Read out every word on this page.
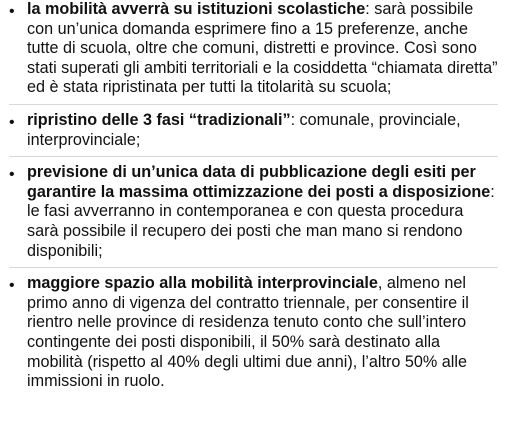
• la mobilità avverrà su istituzioni scolastiche: sarà possibile con un’unica domanda esprimere fino a 15 preferenze, anche tutte di scuola, oltre che comuni, distretti e province. Così sono stati superati gli ambiti territoriali e la cosiddetta “chiamata diretta” ed è stata ripristinata per tutti la titolarità su scuola;
• ripristino delle 3 fasi “tradizionali”: comunale, provinciale, interprovinciale;
• previsione di un’unica data di pubblicazione degli esiti per garantire la massima ottimizzazione dei posti a disposizione: le fasi avverranno in contemporanea e con questa procedura sarà possibile il recupero dei posti che man mano si rendono disponibili;
• maggiore spazio alla mobilità interprovinciale, almeno nel primo anno di vigenza del contratto triennale, per consentire il rientro nelle province di residenza tenuto conto che sull’intero contingente dei posti disponibili, il 50% sarà destinato alla mobilità (rispetto al 40% degli ultimi due anni), l’altro 50% alle immissioni in ruolo.
